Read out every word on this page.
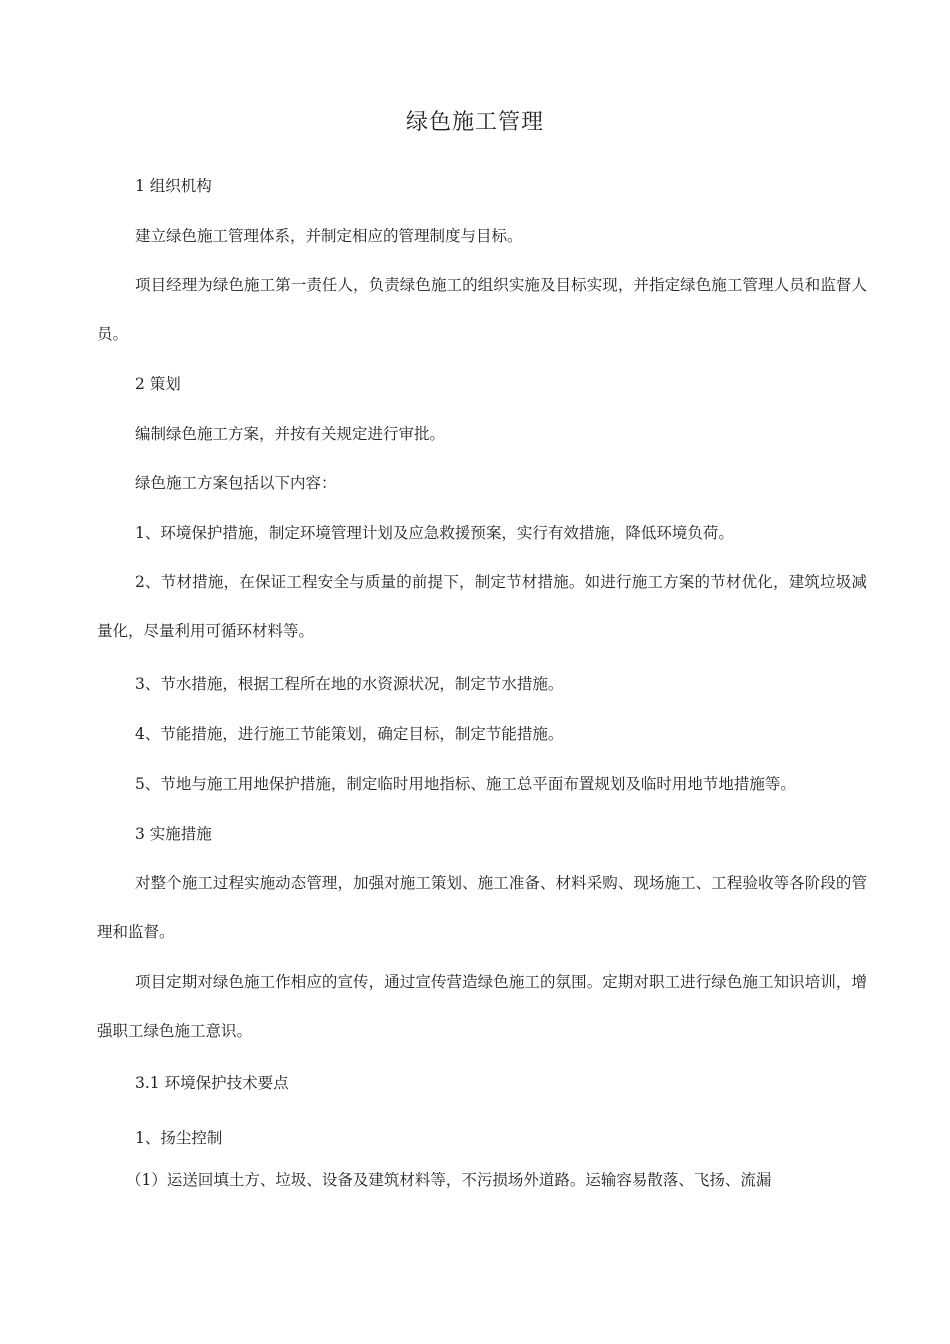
绿色施工管理

1 组织机构

建立绿色施工管理体系，并制定相应的管理制度与目标。

项目经理为绿色施工第一责任人，负责绿色施工的组织实施及目标实现，并指定绿色施工管理人员和监督人员。

2 策划

编制绿色施工方案，并按有关规定进行审批。

绿色施工方案包括以下内容：

1、环境保护措施，制定环境管理计划及应急救援预案，实行有效措施，降低环境负荷。

2、节材措施，在保证工程安全与质量的前提下，制定节材措施。如进行施工方案的节材优化，建筑垃圾减量化，尽量利用可循环材料等。

3、节水措施，根据工程所在地的水资源状况，制定节水措施。

4、节能措施，进行施工节能策划，确定目标，制定节能措施。

5、节地与施工用地保护措施，制定临时用地指标、施工总平面布置规划及临时用地节地措施等。

3 实施措施

对整个施工过程实施动态管理，加强对施工策划、施工准备、材料采购、现场施工、工程验收等各阶段的管理和监督。

项目定期对绿色施工作相应的宣传，通过宣传营造绿色施工的氛围。定期对职工进行绿色施工知识培训，增强职工绿色施工意识。

3.1 环境保护技术要点

1、扬尘控制

（1）运送回填土方、垃圾、设备及建筑材料等，不污损场外道路。运输容易散落、飞扬、流漏
